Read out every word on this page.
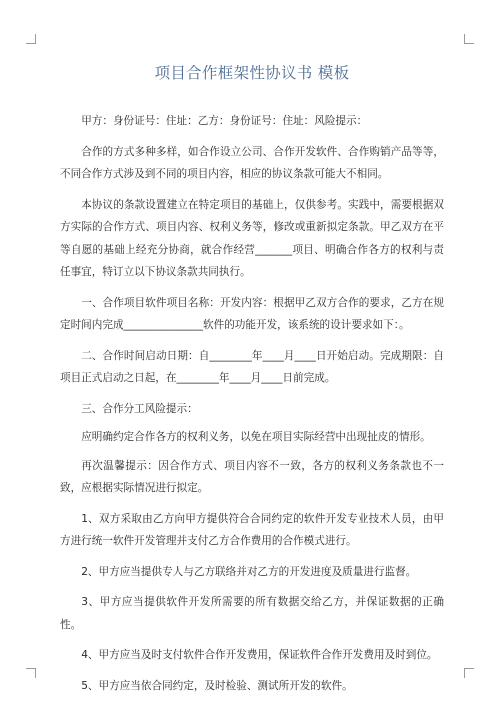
项目合作框架性协议书 模板

甲方：身份证号：住址：乙方：身份证号：住址：风险提示：

合作的方式多种多样，如合作设立公司、合作开发软件、合作购销产品等等，不同合作方式涉及到不同的项目内容，相应的协议条款可能大不相同。

本协议的条款设置建立在特定项目的基础上，仅供参考。实践中，需要根据双方实际的合作方式、项目内容、权利义务等，修改或重新拟定条款。甲乙双方在平等自愿的基础上经充分协商，就合作经营_______项目、明确合作各方的权利与责任事宜，特订立以下协议条款共同执行。

一、合作项目软件项目名称：开发内容：根据甲乙双方合作的要求，乙方在规定时间内完成_______________软件的功能开发，该系统的设计要求如下：。

二、合作时间启动日期：自________年____月____日开始启动。完成期限：自项目正式启动之日起，在________年____月____日前完成。

三、合作分工风险提示：

应明确约定合作各方的权利义务，以免在项目实际经营中出现扯皮的情形。

再次温馨提示：因合作方式、项目内容不一致，各方的权利义务条款也不一致，应根据实际情况进行拟定。

1、双方采取由乙方向甲方提供符合合同约定的软件开发专业技术人员，由甲方进行统一软件开发管理并支付乙方合作费用的合作模式进行。

2、甲方应当提供专人与乙方联络并对乙方的开发进度及质量进行监督。

3、甲方应当提供软件开发所需要的所有数据交给乙方，并保证数据的正确性。

4、甲方应当及时支付软件合作开发费用，保证软件合作开发费用及时到位。

5、甲方应当依合同约定，及时检验、测试所开发的软件。
